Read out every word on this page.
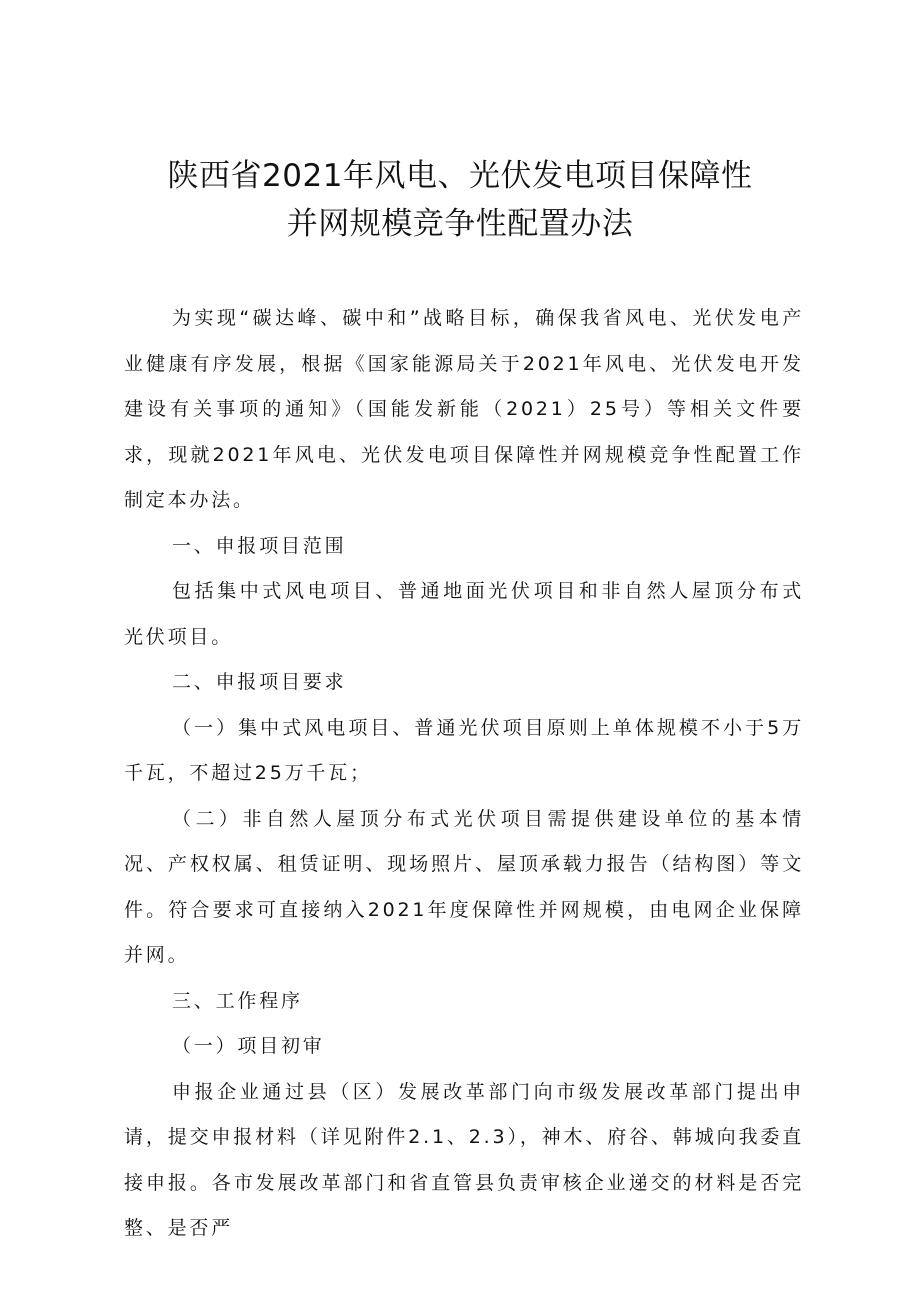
陕西省2021年风电、光伏发电项目保障性
并网规模竞争性配置办法

为实现“碳达峰、碳中和”战略目标，确保我省风电、光伏发电产业健康有序发展，根据《国家能源局关于2021年风电、光伏发电开发建设有关事项的通知》（国能发新能（2021）25号）等相关文件要求，现就2021年风电、光伏发电项目保障性并网规模竞争性配置工作制定本办法。

一、申报项目范围

包括集中式风电项目、普通地面光伏项目和非自然人屋顶分布式光伏项目。

二、申报项目要求

（一）集中式风电项目、普通光伏项目原则上单体规模不小于5万千瓦，不超过25万千瓦；

（二）非自然人屋顶分布式光伏项目需提供建设单位的基本情况、产权权属、租赁证明、现场照片、屋顶承载力报告（结构图）等文件。符合要求可直接纳入2021年度保障性并网规模，由电网企业保障并网。

三、工作程序

（一）项目初审

申报企业通过县（区）发展改革部门向市级发展改革部门提出申请，提交申报材料（详见附件2.1、2.3），神木、府谷、韩城向我委直接申报。各市发展改革部门和省直管县负责审核企业递交的材料是否完整、是否严
